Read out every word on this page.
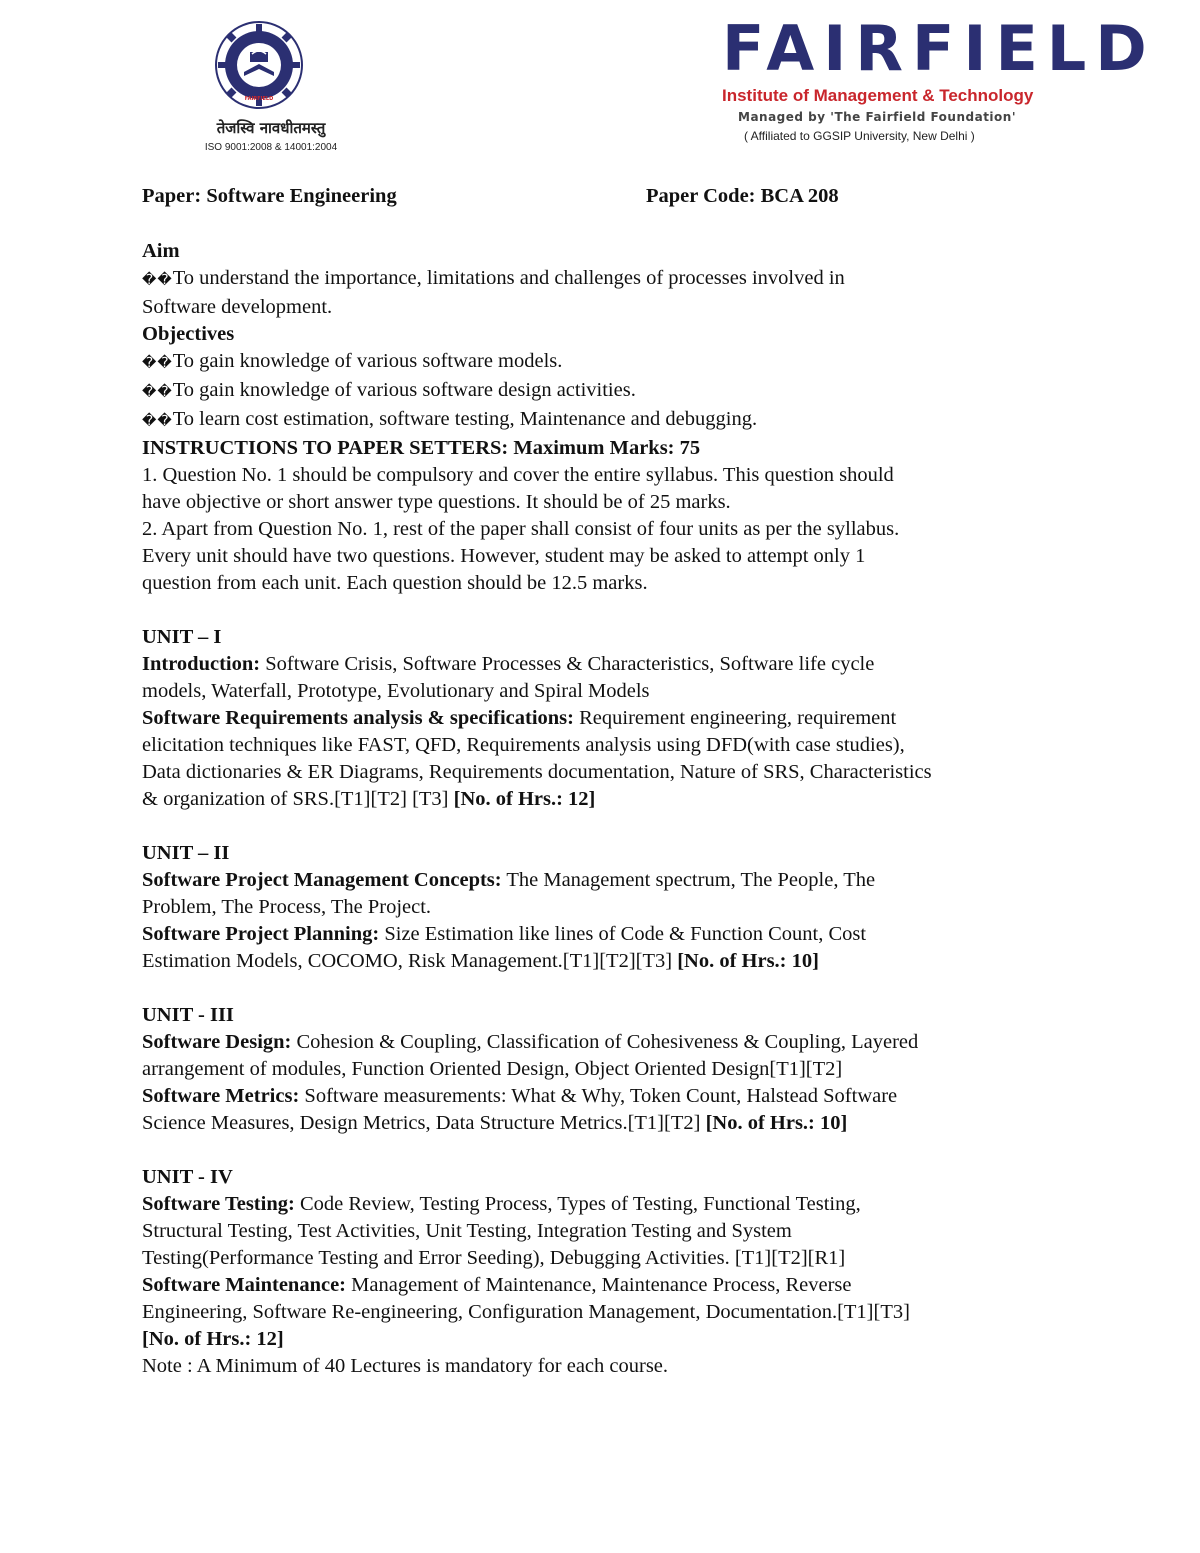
FAIRFIELD
तेजस्वि नावधीतमस्तु
ISO 9001:2008 & 14001:2004
FAIRFIELD
Institute of Management & Technology
Managed by 'The Fairfield Foundation'
( Affiliated to GGSIP University, New Delhi )
Paper: Software Engineering	Paper Code: BCA 208
Aim
��To understand the importance, limitations and challenges of processes involved in
Software development.
Objectives
��To gain knowledge of various software models.
��To gain knowledge of various software design activities.
��To learn cost estimation, software testing, Maintenance and debugging.
INSTRUCTIONS TO PAPER SETTERS: Maximum Marks: 75
1. Question No. 1 should be compulsory and cover the entire syllabus. This question should
have objective or short answer type questions. It should be of 25 marks.
2. Apart from Question No. 1, rest of the paper shall consist of four units as per the syllabus.
Every unit should have two questions. However, student may be asked to attempt only 1
question from each unit. Each question should be 12.5 marks.
UNIT – I
Introduction: Software Crisis, Software Processes & Characteristics, Software life cycle
models, Waterfall, Prototype, Evolutionary and Spiral Models
Software Requirements analysis & specifications: Requirement engineering, requirement
elicitation techniques like FAST, QFD, Requirements analysis using DFD(with case studies),
Data dictionaries & ER Diagrams, Requirements documentation, Nature of SRS, Characteristics
& organization of SRS.[T1][T2] [T3] [No. of Hrs.: 12]
UNIT – II
Software Project Management Concepts: The Management spectrum, The People, The
Problem, The Process, The Project.
Software Project Planning: Size Estimation like lines of Code & Function Count, Cost
Estimation Models, COCOMO, Risk Management.[T1][T2][T3] [No. of Hrs.: 10]
UNIT - III
Software Design: Cohesion & Coupling, Classification of Cohesiveness & Coupling, Layered
arrangement of modules, Function Oriented Design, Object Oriented Design[T1][T2]
Software Metrics: Software measurements: What & Why, Token Count, Halstead Software
Science Measures, Design Metrics, Data Structure Metrics.[T1][T2] [No. of Hrs.: 10]
UNIT - IV
Software Testing: Code Review, Testing Process, Types of Testing, Functional Testing,
Structural Testing, Test Activities, Unit Testing, Integration Testing and System
Testing(Performance Testing and Error Seeding), Debugging Activities. [T1][T2][R1]
Software Maintenance: Management of Maintenance, Maintenance Process, Reverse
Engineering, Software Re-engineering, Configuration Management, Documentation.[T1][T3]
[No. of Hrs.: 12]
Note : A Minimum of 40 Lectures is mandatory for each course.
